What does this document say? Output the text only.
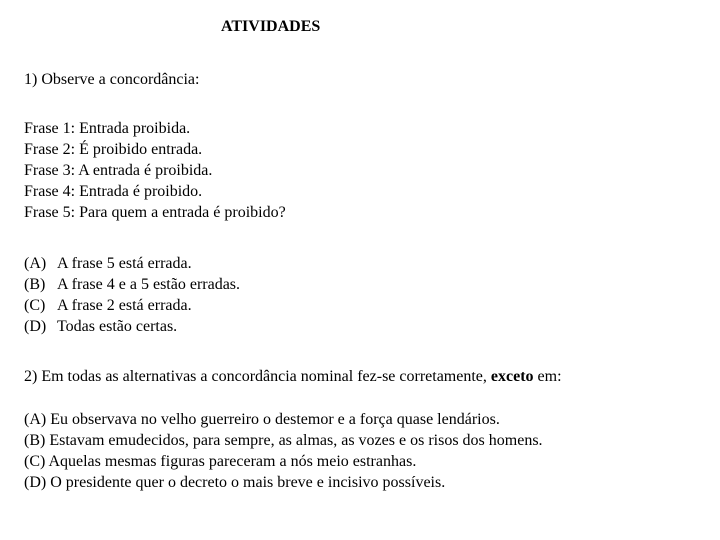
ATIVIDADES
1) Observe a concordância:
Frase 1: Entrada proibida.
Frase 2: É proibido entrada.
Frase 3: A entrada é proibida.
Frase 4: Entrada é proibido.
Frase 5: Para quem a entrada é proibido?
(A) A frase 5 está errada.
(B) A frase 4 e a 5 estão erradas.
(C) A frase 2 está errada.
(D) Todas estão certas.
2) Em todas as alternativas a concordância nominal fez-se corretamente, exceto em:
(A) Eu observava no velho guerreiro o destemor e a força quase lendários.
(B) Estavam emudecidos, para sempre, as almas, as vozes e os risos dos homens.
(C) Aquelas mesmas figuras pareceram a nós meio estranhas.
(D) O presidente quer o decreto o mais breve e incisivo possíveis.
